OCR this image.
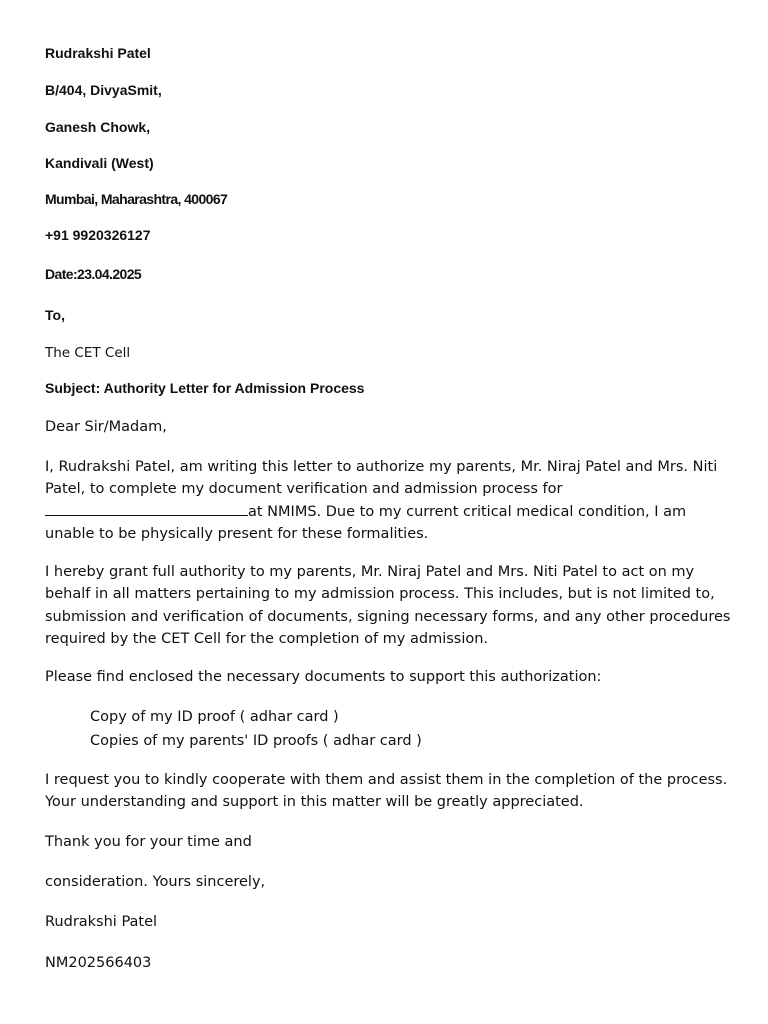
Rudrakshi Patel

B/404, DivyaSmit,

Ganesh Chowk,

Kandivali (West)

Mumbai, Maharashtra, 400067

+91 9920326127

Date:23.04.2025

To,

The CET Cell

Subject: Authority Letter for Admission Process

Dear Sir/Madam,

I, Rudrakshi Patel, am writing this letter to authorize my parents, Mr. Niraj Patel and Mrs. Niti Patel, to complete my document verification and admission process for at NMIMS. Due to my current critical medical condition, I am unable to be physically present for these formalities.

I hereby grant full authority to my parents, Mr. Niraj Patel and Mrs. Niti Patel to act on my behalf in all matters pertaining to my admission process. This includes, but is not limited to, submission and verification of documents, signing necessary forms, and any other procedures required by the CET Cell for the completion of my admission.

Please find enclosed the necessary documents to support this authorization:

Copy of my ID proof ( adhar card )

Copies of my parents' ID proofs ( adhar card )

I request you to kindly cooperate with them and assist them in the completion of the process. Your understanding and support in this matter will be greatly appreciated.

Thank you for your time and

consideration. Yours sincerely,

Rudrakshi Patel

NM202566403
